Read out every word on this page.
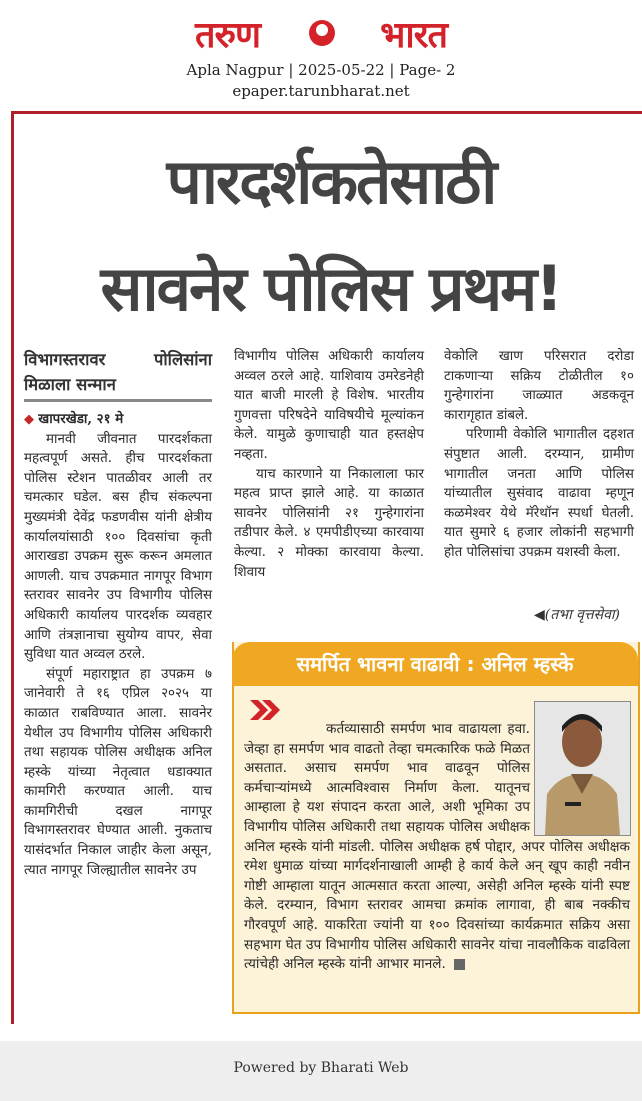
तरुण	भारत
Apla Nagpur | 2025-05-22 | Page- 2
epaper.tarunbharat.net
पारदर्शकतेसाठी
सावनेर पोलिस प्रथम!
विभागस्तरावर पोलिसांना मिळाला सन्मान
◆ खापरखेडा, २१ मे

मानवी जीवनात पारदर्शकता महत्वपूर्ण असते. हीच पारदर्शकता पोलिस स्टेशन पातळीवर आली तर चमत्कार घडेल. बस हीच संकल्पना मुख्यमंत्री देवेंद्र फडणवीस यांनी क्षेत्रीय कार्यालयांसाठी १०० दिवसांचा कृती आराखडा उपक्रम सुरू करून अमलात आणली. याच उपक्रमात नागपूर विभाग स्तरावर सावनेर उप विभागीय पोलिस अधिकारी कार्यालय पारदर्शक व्यवहार आणि तंत्रज्ञानाचा सुयोग्य वापर, सेवा सुविधा यात अव्वल ठरले.

संपूर्ण महाराष्ट्रात हा उपक्रम ७ जानेवारी ते १६ एप्रिल २०२५ या काळात राबविण्यात आला. सावनेर येथील उप विभागीय पोलिस अधिकारी तथा सहायक पोलिस अधीक्षक अनिल म्हस्के यांच्या नेतृत्वात धडाक्यात कामगिरी करण्यात आली. याच कामगिरीची दखल नागपूर विभागस्तरावर घेण्यात आली. नुकताच यासंदर्भात निकाल जाहीर केला असून, त्यात नागपूर जिल्ह्यातील सावनेर उप

विभागीय पोलिस अधिकारी कार्यालय अव्वल ठरले आहे. याशिवाय उमरेडनेही यात बाजी मारली हे विशेष. भारतीय गुणवत्ता परिषदेने याविषयीचे मूल्यांकन केले. यामुळे कुणाचाही यात हस्तक्षेप नव्हता.

याच कारणाने या निकालाला फार महत्व प्राप्त झाले आहे. या काळात सावनेर पोलिसांनी २१ गुन्हेगारांना तडीपार केले. ४ एमपीडीएच्या कारवाया केल्या. २ मोक्का कारवाया केल्या. शिवाय

वेकोलि खाण परिसरात दरोडा टाकणाऱ्या सक्रिय टोळीतील १० गुन्हेगारांना जाळ्यात अडकवून कारागृहात डांबले.

परिणामी वेकोलि भागातील दहशत संपुष्टात आली. दरम्यान, ग्रामीण भागातील जनता आणि पोलिस यांच्यातील सुसंवाद वाढावा म्हणून कळमेश्वर येथे मॅरेथॉन स्पर्धा घेतली. यात सुमारे ६ हजार लोकांनी सहभागी होत पोलिसांचा उपक्रम यशस्वी केला.

◀(तभा वृत्तसेवा)
समर्पित भावना वाढावी : अनिल म्हस्के

कर्तव्यासाठी समर्पण भाव वाढायला हवा. जेव्हा हा समर्पण भाव वाढतो तेव्हा चमत्कारिक फळे मिळत असतात. असाच समर्पण भाव वाढवून पोलिस कर्मचाऱ्यांमध्ये आत्मविश्वास निर्माण केला. यातूनच आम्हाला हे यश संपादन करता आले, अशी भूमिका उप विभागीय पोलिस अधिकारी तथा सहायक पोलिस अधीक्षक अनिल म्हस्के यांनी मांडली. पोलिस अधीक्षक हर्ष पोद्दार, अपर पोलिस अधीक्षक रमेश धुमाळ यांच्या मार्गदर्शनाखाली आम्ही हे कार्य केले अन् खूप काही नवीन गोष्टी आम्हाला यातून आत्मसात करता आल्या, असेही अनिल म्हस्के यांनी स्पष्ट केले. दरम्यान, विभाग स्तरावर आमचा क्रमांक लागावा, ही बाब नक्कीच गौरवपूर्ण आहे. याकरिता ज्यांनी या १०० दिवसांच्या कार्यक्रमात सक्रिय असा सहभाग घेत उप विभागीय पोलिस अधिकारी सावनेर यांचा नावलौकिक वाढविला त्यांचेही अनिल म्हस्के यांनी आभार मानले.

Powered by Bharati Web
